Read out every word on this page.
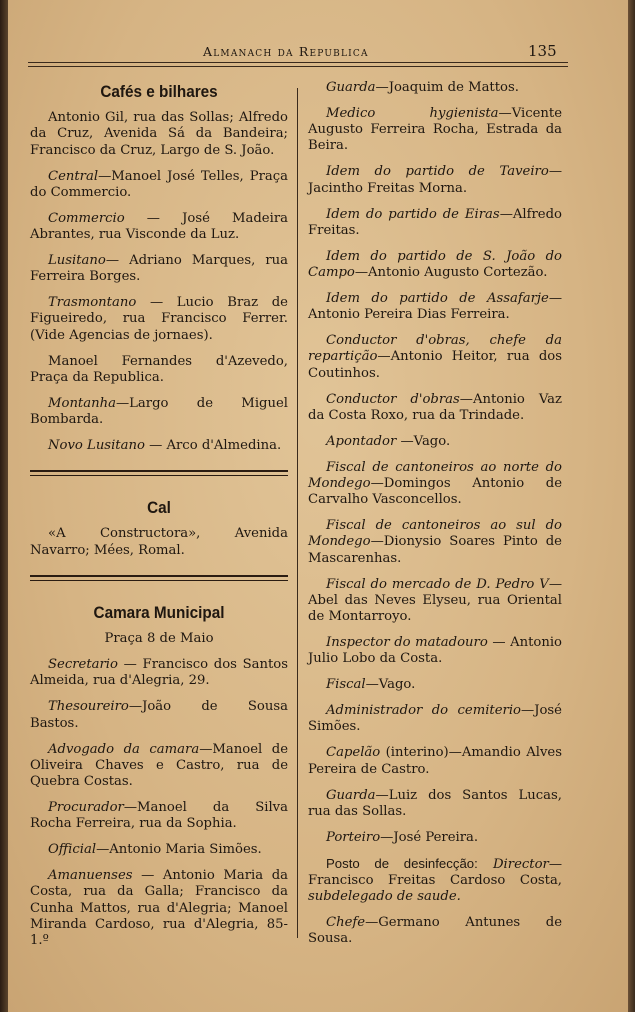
Almanach da Republica	135
Cafés e bilhares

Antonio Gil, rua das Sollas; Alfredo da Cruz, Avenida Sá da Bandeira; Francisco da Cruz, Largo de S. João.

Central—Manoel José Telles, Praça do Commercio.

Commercio — José Madeira Abrantes, rua Visconde da Luz.

Lusitano— Adriano Marques, rua Ferreira Borges.

Trasmontano — Lucio Braz de Figueiredo, rua Francisco Ferrer. (Vide Agencias de jornaes).

Manoel Fernandes d'Azevedo, Praça da Republica.

Montanha—Largo de Miguel Bombarda.

Novo Lusitano — Arco d'Almedina.

Cal

«A Constructora», Avenida Navarro; Mées, Romal.

Camara Municipal
Praça 8 de Maio

Secretario — Francisco dos Santos Almeida, rua d'Alegria, 29.

Thesoureiro—João de Sousa Bastos.

Advogado da camara—Manoel de Oliveira Chaves e Castro, rua de Quebra Costas.

Procurador—Manoel da Silva Rocha Ferreira, rua da Sophia.

Official—Antonio Maria Simões.

Amanuenses — Antonio Maria da Costa, rua da Galla; Francisco da Cunha Mattos, rua d'Alegria; Manoel Miranda Cardoso, rua d'Alegria, 85-1.º

Guarda—Joaquim de Mattos.

Medico hygienista—Vicente Augusto Ferreira Rocha, Estrada da Beira.

Idem do partido de Taveiro—Jacintho Freitas Morna.

Idem do partido de Eiras—Alfredo Freitas.

Idem do partido de S. João do Campo—Antonio Augusto Cortezão.

Idem do partido de Assafarje—Antonio Pereira Dias Ferreira.

Conductor d'obras, chefe da repartição—Antonio Heitor, rua dos Coutinhos.

Conductor d'obras—Antonio Vaz da Costa Roxo, rua da Trindade.

Apontador —Vago.

Fiscal de cantoneiros ao norte do Mondego—Domingos Antonio de Carvalho Vasconcellos.

Fiscal de cantoneiros ao sul do Mondego—Dionysio Soares Pinto de Mascarenhas.

Fiscal do mercado de D. Pedro V—Abel das Neves Elyseu, rua Oriental de Montarroyo.

Inspector do matadouro — Antonio Julio Lobo da Costa.

Fiscal—Vago.

Administrador do cemiterio—José Simões.

Capelão (interino)—Amandio Alves Pereira de Castro.

Guarda—Luiz dos Santos Lucas, rua das Sollas.

Porteiro—José Pereira.

Posto de desinfecção: Director—Francisco Freitas Cardoso Costa, subdelegado de saude.

Chefe—Germano Antunes de Sousa.
